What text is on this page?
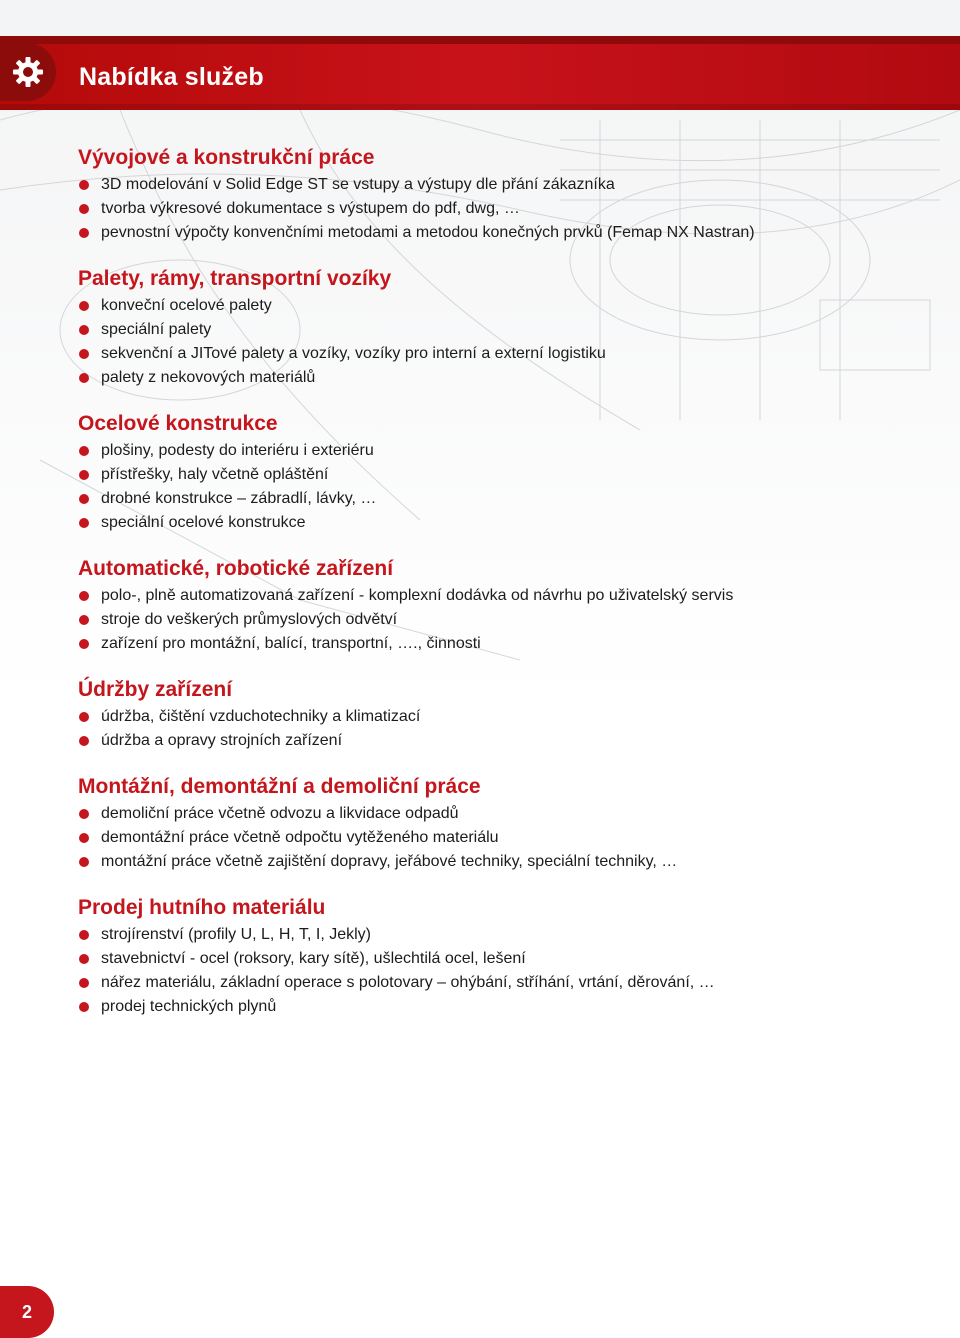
Nabídka služeb
Vývojové a konstrukční práce
3D modelování v Solid Edge ST se vstupy a výstupy dle přání zákazníka
tvorba výkresové dokumentace s výstupem do pdf, dwg, …
pevnostní výpočty konvenčními metodami a metodou konečných prvků (Femap NX Nastran)
Palety, rámy, transportní vozíky
konveční ocelové palety
speciální palety
sekvenční a JITové palety a vozíky, vozíky pro interní a externí logistiku
palety z nekovových materiálů
Ocelové konstrukce
plošiny, podesty do interiéru i exteriéru
přístřešky, haly včetně opláštění
drobné konstrukce – zábradlí, lávky, …
speciální ocelové konstrukce
Automatické, robotické zařízení
polo-, plně automatizovaná zařízení - komplexní dodávka od návrhu po uživatelský servis
stroje do veškerých průmyslových odvětví
zařízení pro montážní, balící, transportní, …., činnosti
Údržby zařízení
údržba, čištění vzduchotechniky a klimatizací
údržba a opravy strojních zařízení
Montážní, demontážní a demoliční práce
demoliční práce včetně odvozu a likvidace odpadů
demontážní práce včetně odpočtu vytěženého materiálu
montážní práce včetně zajištění dopravy, jeřábové techniky, speciální techniky, …
Prodej hutního materiálu
strojírenství (profily U, L, H, T, I, Jekly)
stavebnictví - ocel (roksory, kary sítě), ušlechtilá ocel, lešení
nářez materiálu, základní operace s polotovary – ohýbání, stříhání, vrtání, děrování, …
prodej technických plynů
2
